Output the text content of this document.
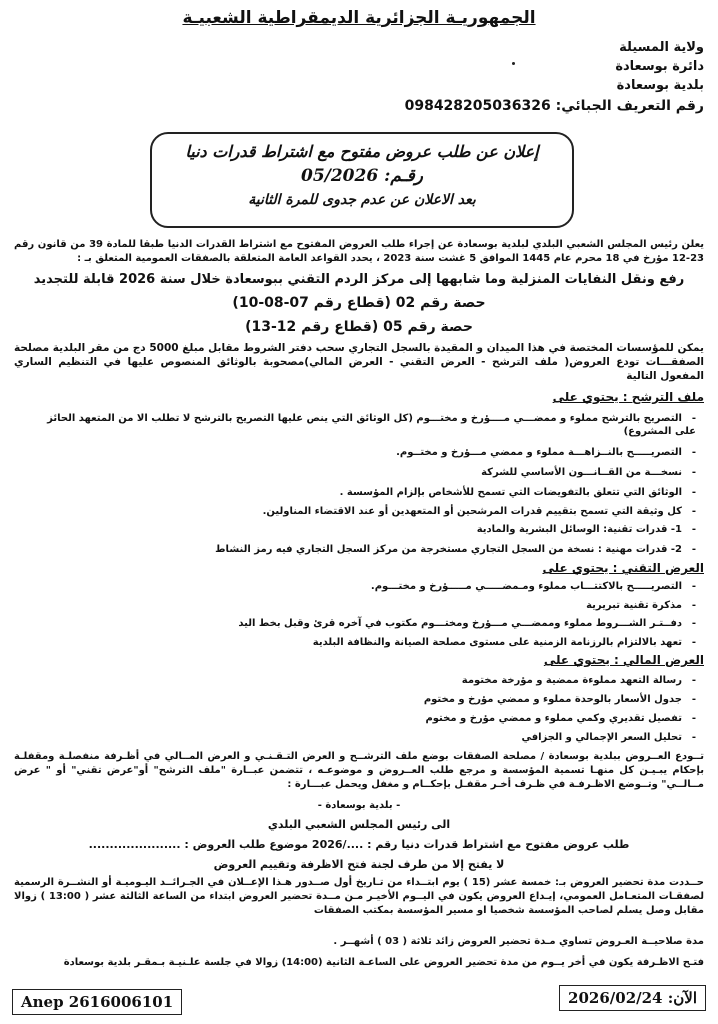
الجمهوريـة الجزائرية الديمقراطية الشعبيـة
ولاية المسيلة
دائرة بوسعادة
بلدية بوسعادة
رقم التعريف الجبائي: 098428205036326
إعلان عن طلب عروض مفتوح مع اشتراط قدرات دنيا
رقـم: 05/2026
بعد الاعلان عن عدم جدوى للمرة الثانية
يعلن رئيس المجلس الشعبي البلدي لبلدية بوسعادة عن إجراء طلب العروض المفتوح مع اشتراط القدرات الدنيا طبقا للمادة 39 من قانون رقم 23-12 مؤرخ في 18 محرم عام 1445 الموافق 5 غشت سنة 2023 ، يحدد القواعد العامة المتعلقة بالصفقات العمومية المتعلق بـ :
رفع ونقل النفايات المنزلية وما شابهها إلى مركز الردم التقني ببوسعادة خلال سنة 2026 قابلة للتجديد
حصة رقم 02 (قطاع رقم 07-08-10)
حصة رقم 05 (قطاع رقم 12-13)
يمكن للمؤسسات المختصة في هذا الميدان و المقيدة بالسجل التجاري سحب دفتر الشروط مقابل مبلغ 5000 دج من مقر البلدية مصلحة الصفقـــات تودع العروض( ملف الترشح - العرض التقني - العرض المالي)مصحوبة بالوثائق المنصوص عليها في التنظيم الساري المفعول التالية
ملف الترشح : يحتوي على
-التصريح بالترشح مملوء و ممضـــي مــــؤرخ و مختـــوم (كل الوثائق التي ينص عليها التصريح بالترشح لا تطلب الا من المتعهد الحائز على المشروع)
-التصريـــــح بالنــزاهـــة مملوء و ممضي مـــؤرخ و مختــوم.
-نسخـــة من القــانـــون الأساسي للشركة
-الوثائق التي تتعلق بالتفويضات التي تسمح للأشخاص بإلزام المؤسسة .
-كل وثيقة التي تسمح بتقييم قدرات المرشحين أو المتعهدين أو عند الاقتضاء المناولين.
-1- قدرات تقنية: الوسائل البشرية والمادية
-2- قدرات مهنية : نسخة من السجل التجاري مستخرجة من مركز السجل التجاري فيه رمز النشاط
العرض التقني : يحتوي على
-التصريـــــح بالاكتتـــاب مملوء ومـمضـــــي مـــــؤرخ و مختـــوم.
-مذكرة تقنية تبريرية
-دفــتـر الشـــروط مملوء وممضـــي مـــؤرخ ومختـــوم مكتوب في آخره قرئ وقبل بخط اليد
-تعهد بالالتزام بالرزنامة الزمنية على مستوى مصلحة الصيانة والنظافة البلدية
العرض المالي : يحتوي على
-رسالة التعهد مملوءة ممضية و مؤرخة مختومة
-جدول الأسعار بالوحدة مملوء و ممضي مؤرخ و مختوم
-تفصيل تقديري وكمي مملوء و ممضي مؤرخ و مختوم
-تحليل السعر الإجمالي و الجزافي
تــودع العــروض ببلدية بوسعادة / مصلحة الصفقات بوضع ملف الترشــح و العرض التـقـنـي و العرض المــالي في أظـرفة منفصلـة ومقفلـة بإحكام يبـيـن كل منهـا تسمية المؤسسة و مرجع طلب العــروض و موضوعـه ، تتضمن عبــارة "ملف الترشح" أو"عرض تقني" أو " عرض مــالــي" وتــوضع الاظـرفـة في ظـرف أخـر مقفـل بإحكــام و مغفل ويحمل عبـــارة :
- بلدية بوسعادة -
الى رئيس المجلس الشعبي البلدي
طلب عروض مفتوح مع اشتراط قدرات دنيا رقم : ..../2026 موضوع طلب العروض : ......................
لا يفتح إلا من طرف لجنة فتح الاظرفة وتقييم العروض
حــددت مدة تحضير العروض بـ: خمسة عشر (15 ) يوم ابتــداء من تـاريخ أول صــدور هـذا الإعــلان في الجـرائــد اليـوميـة أو النشــرة الرسمية لصفقـات المتعـامل العمومي، إيـداع العروض يكون في اليــوم الأخيـر مـن مــدة تحضير العروض ابتداء من الساعة الثالثة عشر ( 13:00 ) زوالا مقابل وصل يسلم لصاحب المؤسسة شخصيا او مسير المؤسسة بمكتب الصفقات
مدة صلاحيــة العـروض تساوي مـدة تحضير العروض زائد ثلاثة ( 03 ) أشهــر .
فتـح الاظـرفة يكون في أخر يــوم من مدة تحضير العروض على الساعـة الثانية (14:00) زوالا في جلسة علـنيـة بـمقـر بلدية بوسعادة
Anep 2616006101	الآن: 2026/02/24
